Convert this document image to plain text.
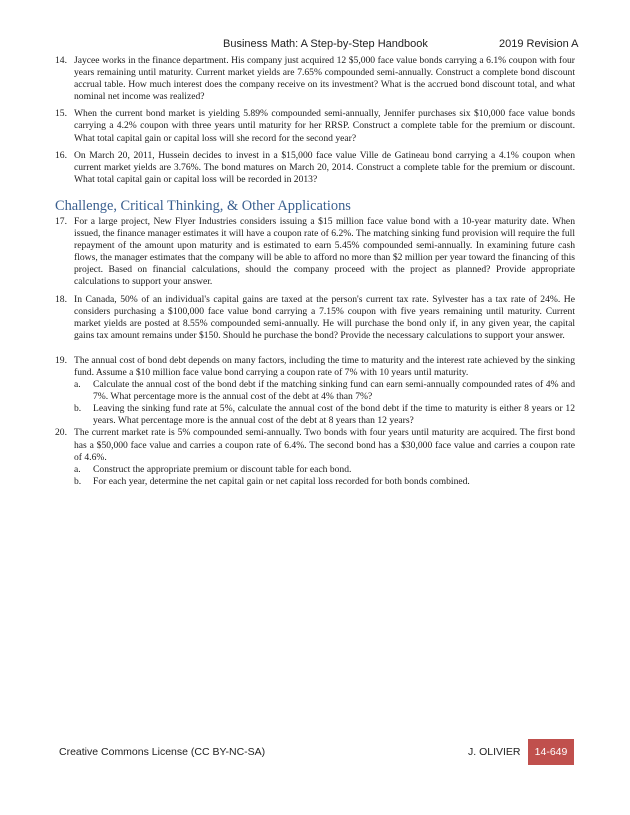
Business Math: A Step-by-Step Handbook	2019 Revision A
14. Jaycee works in the finance department. His company just acquired 12 $5,000 face value bonds carrying a 6.1% coupon with four years remaining until maturity. Current market yields are 7.65% compounded semi-annually. Construct a complete bond discount accrual table. How much interest does the company receive on its investment? What is the accrued bond discount total, and what nominal net income was realized?
15. When the current bond market is yielding 5.89% compounded semi-annually, Jennifer purchases six $10,000 face value bonds carrying a 4.2% coupon with three years until maturity for her RRSP. Construct a complete table for the premium or discount. What total capital gain or capital loss will she record for the second year?
16. On March 20, 2011, Hussein decides to invest in a $15,000 face value Ville de Gatineau bond carrying a 4.1% coupon when current market yields are 3.76%. The bond matures on March 20, 2014. Construct a complete table for the premium or discount. What total capital gain or capital loss will be recorded in 2013?
Challenge, Critical Thinking, & Other Applications
17. For a large project, New Flyer Industries considers issuing a $15 million face value bond with a 10-year maturity date. When issued, the finance manager estimates it will have a coupon rate of 6.2%. The matching sinking fund provision will require the full repayment of the amount upon maturity and is estimated to earn 5.45% compounded semi-annually. In examining future cash flows, the manager estimates that the company will be able to afford no more than $2 million per year toward the financing of this project. Based on financial calculations, should the company proceed with the project as planned? Provide appropriate calculations to support your answer.
18. In Canada, 50% of an individual's capital gains are taxed at the person's current tax rate. Sylvester has a tax rate of 24%. He considers purchasing a $100,000 face value bond carrying a 7.15% coupon with five years remaining until maturity. Current market yields are posted at 8.55% compounded semi-annually. He will purchase the bond only if, in any given year, the capital gains tax amount remains under $150. Should he purchase the bond? Provide the necessary calculations to support your answer.
19. The annual cost of bond debt depends on many factors, including the time to maturity and the interest rate achieved by the sinking fund. Assume a $10 million face value bond carrying a coupon rate of 7% with 10 years until maturity.
a.	Calculate the annual cost of the bond debt if the matching sinking fund can earn semi-annually compounded rates of 4% and 7%. What percentage more is the annual cost of the debt at 4% than 7%?
b.	Leaving the sinking fund rate at 5%, calculate the annual cost of the bond debt if the time to maturity is either 8 years or 12 years. What percentage more is the annual cost of the debt at 8 years than 12 years?
20. The current market rate is 5% compounded semi-annually. Two bonds with four years until maturity are acquired. The first bond has a $50,000 face value and carries a coupon rate of 6.4%. The second bond has a $30,000 face value and carries a coupon rate of 4.6%.
a.	Construct the appropriate premium or discount table for each bond.
b.	For each year, determine the net capital gain or net capital loss recorded for both bonds combined.
Creative Commons License (CC BY-NC-SA)	J. OLIVIER	14-649
